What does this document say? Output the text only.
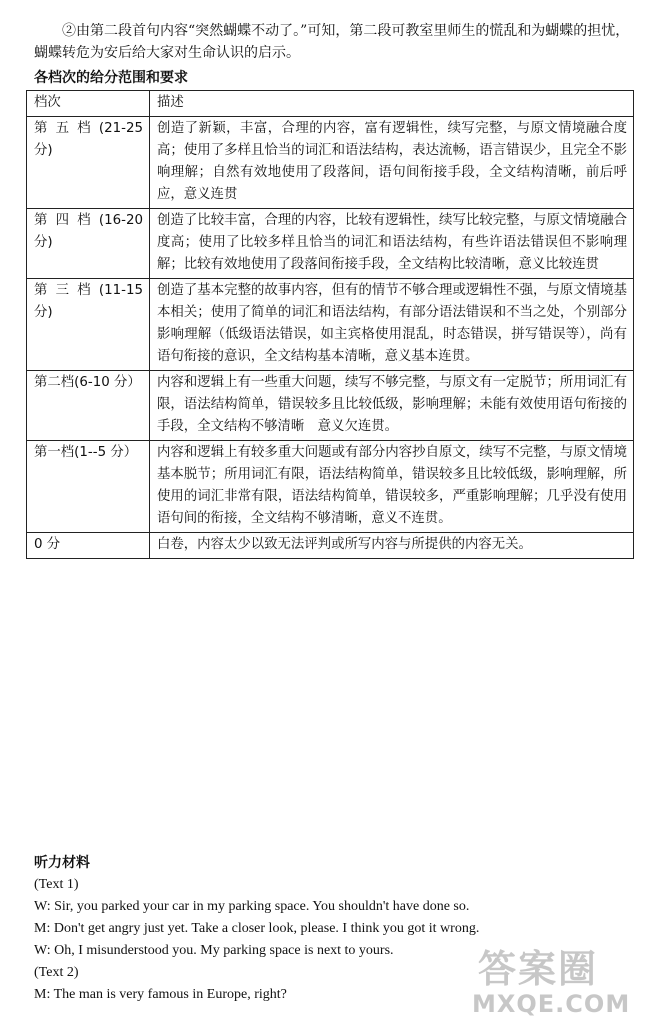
②由第二段首句内容“突然蝴蝶不动了。”可知，第二段可教室里师生的慌乱和为蝴蝶的担忧，蝴蝶转危为安后给大家对生命认识的启示。

各档次的给分范围和要求
档次	描述
第 五 档 (21-25 分)	创造了新颖，丰富，合理的内容，富有逻辑性，续写完整，与原文情境融合度高；使用了多样且恰当的词汇和语法结构，表达流畅，语言错误少，且完全不影响理解；自然有效地使用了段落间，语句间衔接手段，全文结构清晰，前后呼应，意义连贯
第 四 档 (16-20 分)	创造了比较丰富，合理的内容，比较有逻辑性，续写比较完整，与原文情境融合度高；使用了比较多样且恰当的词汇和语法结构，有些许语法错误但不影响理解；比较有效地使用了段落间衔接手段，全文结构比较清晰，意义比较连贯
第 三 档 (11-15 分)	创造了基本完整的故事内容，但有的情节不够合理或逻辑性不强，与原文情境基本相关；使用了简单的词汇和语法结构，有部分语法错误和不当之处，个别部分影响理解（低级语法错误，如主宾格使用混乱，时态错误，拼写错误等），尚有语句衔接的意识，全文结构基本清晰，意义基本连贯。
第二档(6-10 分）	内容和逻辑上有一些重大问题，续写不够完整，与原文有一定脱节；所用词汇有限，语法结构简单，错误较多且比较低级，影响理解；未能有效使用语句衔接的手段，全文结构不够清晰　意义欠连贯。
第一档(1--5 分）	内容和逻辑上有较多重大问题或有部分内容抄自原文，续写不完整，与原文情境基本脱节；所用词汇有限，语法结构简单，错误较多且比较低级，影响理解，所使用的词汇非常有限，语法结构简单，错误较多，严重影响理解；几乎没有使用语句间的衔接，全文结构不够清晰，意义不连贯。
0 分	白卷，内容太少以致无法评判或所写内容与所提供的内容无关。
听力材料

(Text 1)

W: Sir, you parked your car in my parking space. You shouldn't have done so.

M: Don't get angry just yet. Take a closer look, please. I think you got it wrong.

W: Oh, I misunderstood you. My parking space is next to yours.

(Text 2)

M: The man is very famous in Europe, right?

答案圈
MXQE.COM
